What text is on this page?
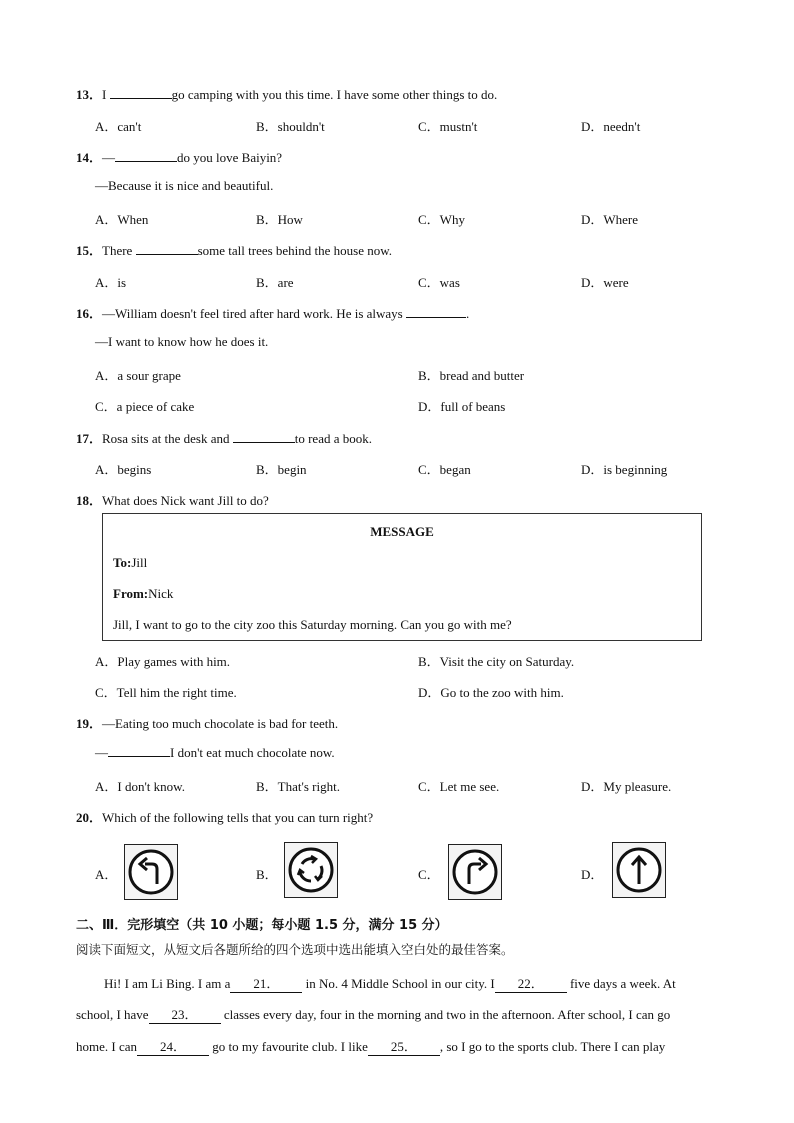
13．I	go camping with you this time. I have some other things to do.
A．can't	B．shouldn't	C．mustn't	D．needn't
14．—	do you love Baiyin?
—Because it is nice and beautiful.
A．When	B．How	C．Why	D．Where
15．There	some tall trees behind the house now.
A．is	B．are	C．was	D．were
16．—William doesn't feel tired after hard work. He is always	.
—I want to know how he does it.
A．a sour grape	B．bread and butter
C．a piece of cake	D．full of beans
17．Rosa sits at the desk and	to read a book.
A．begins	B．begin	C．began	D．is beginning
18．What does Nick want Jill to do?
MESSAGE
To:Jill
From:Nick
Jill, I want to go to the city zoo this Saturday morning. Can you go with me?
A．Play games with him.	B．Visit the city on Saturday.
C．Tell him the right time.	D．Go to the zoo with him.
19．—Eating too much chocolate is bad for teeth.
—	I don't eat much chocolate now.
A．I don't know.	B．That's right.	C．Let me see.	D．My pleasure.
20．Which of the following tells that you can turn right?
A．	B．	C．	D．
二、Ⅲ．完形填空（共 10 小题；每小题 1.5 分，满分 15 分）
阅读下面短文，从短文后各题所给的四个选项中选出能填入空白处的最佳答案。
Hi! I am Li Bing. I am a 21． in No. 4 Middle School in our city. I 22． five days a week. At
school, I have 23． classes every day, four in the morning and two in the afternoon. After school, I can go
home. I can 24． go to my favourite club. I like 25． , so I go to the sports club. There I can play
